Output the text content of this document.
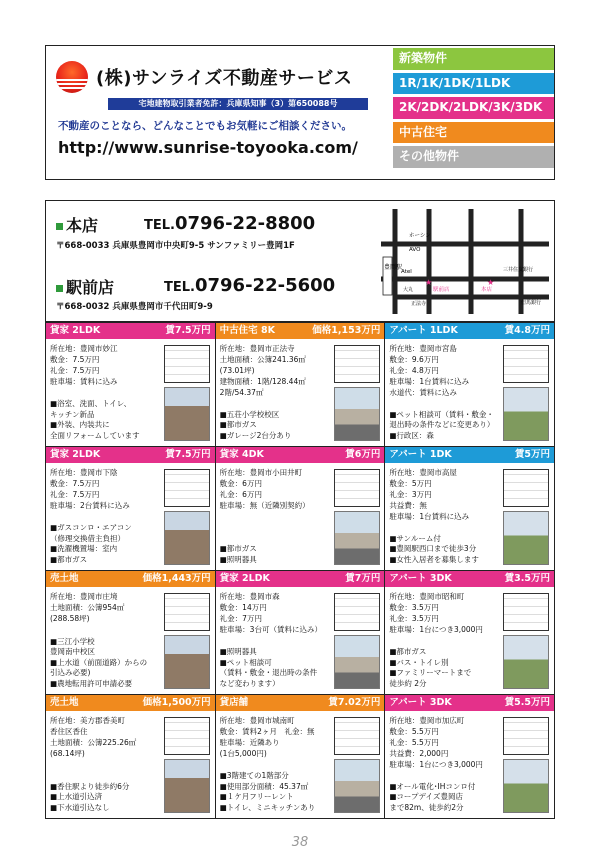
(株)サンライズ不動産サービス
宅地建物取引業者免許：兵庫県知事（3）第650088号
不動産のことなら、どんなことでもお気軽にご相談ください。
http://www.sunrise-toyooka.com/
新築物件
1R/1K/1DK/1LDK
2K/2DK/2LDK/3K/3DK
中古住宅
その他物件
本店	TEL.0796-22-8800
〒668-0033 兵庫県豊岡市中央町9-5 サンファミリー豊岡1F
駅前店	TEL.0796-22-5600
〒668-0032 兵庫県豊岡市千代田町9-9
豊岡駅
ホーシン
AVO
Atel
駅前店	本店
三井住友銀行
但馬銀行
大丸
正法寺
★	★
貸家 2LDK	賃7.5万円
所在地：豊岡市妙江
敷金：7.5万円
礼金：7.5万円
駐車場：賃料に込み
■浴室、洗面、トイレ、
キッチン新品
■外装、内装共に
全面リフォームしています
中古住宅 8K	価格1,153万円
所在地：豊岡市正法寺
土地面積：公簿241.36㎡
(73.01坪)
建物面積：1階/128.44㎡
2階/54.37㎡
■五荘小学校校区
■都市ガス
■ガレージ2台分あり
アパート 1LDK	賃4.8万円
所在地：豊岡市宮島
敷金：9.6万円
礼金：4.8万円
駐車場：1台賃料に込み
水道代：賃料に込み
■ペット相談可（賃料・敷金・
退出時の条件などに変更あり）
■行政区：森
貸家 2LDK	賃7.5万円
所在地：豊岡市下陰
敷金：7.5万円
礼金：7.5万円
駐車場：2台賃料に込み
■ガスコンロ・エアコン
（修理交換借主負担）
■洗濯機置場：室内
■都市ガス
貸家 4DK	賃6万円
所在地：豊岡市小田井町
敷金：6万円
礼金：6万円
駐車場：無（近隣別契約）
■都市ガス
■照明器具
アパート 1DK	賃5万円
所在地：豊岡市高屋
敷金：5万円
礼金：3万円
共益費：無
駐車場：1台賃料に込み
■サンルーム付
■豊岡駅西口まで徒歩3分
■女性入居者を募集します
売土地	価格1,443万円
所在地：豊岡市庄境
土地面積：公簿954㎡
(288.58坪)
■三江小学校
豊岡南中校区
■上水道（前面道路）からの
引込み必要)
■農地転用許可申請必要
貸家 2LDK	賃7万円
所在地：豊岡市森
敷金：14万円
礼金：7万円
駐車場：3台可（賃料に込み）
■照明器具
■ペット相談可
（賃料・敷金・退出時の条件
など変わります）
アパート 3DK	賃3.5万円
所在地：豊岡市昭和町
敷金：3.5万円
礼金：3.5万円
駐車場：1台につき3,000円
■都市ガス
■バス・トイレ別
■ファミリーマートまで
徒歩約 2分
売土地	価格1,500万円
所在地：美方郡香美町
香住区香住
土地面積：公簿225.26㎡
(68.14坪)
■香住駅より徒歩約6分
■上水道引込済
■下水道引込なし
貸店舗	賃7.02万円
所在地：豊岡市城南町
敷金：賃料2ヶ月　礼金：無
駐車場：近隣あり
(1台5,000円)
■3階建ての1階部分
■使用部分面積：45.37㎡
■１ケ月フリーレント
■トイレ、ミニキッチンあり
アパート 3DK	賃5.5万円
所在地：豊岡市加広町
敷金：5.5万円
礼金：5.5万円
共益費：2,000円
駐車場：1台につき3,000円
■オール電化･IHコンロ付
■コープデイズ豊岡店
まで82m、徒歩約2分
38
